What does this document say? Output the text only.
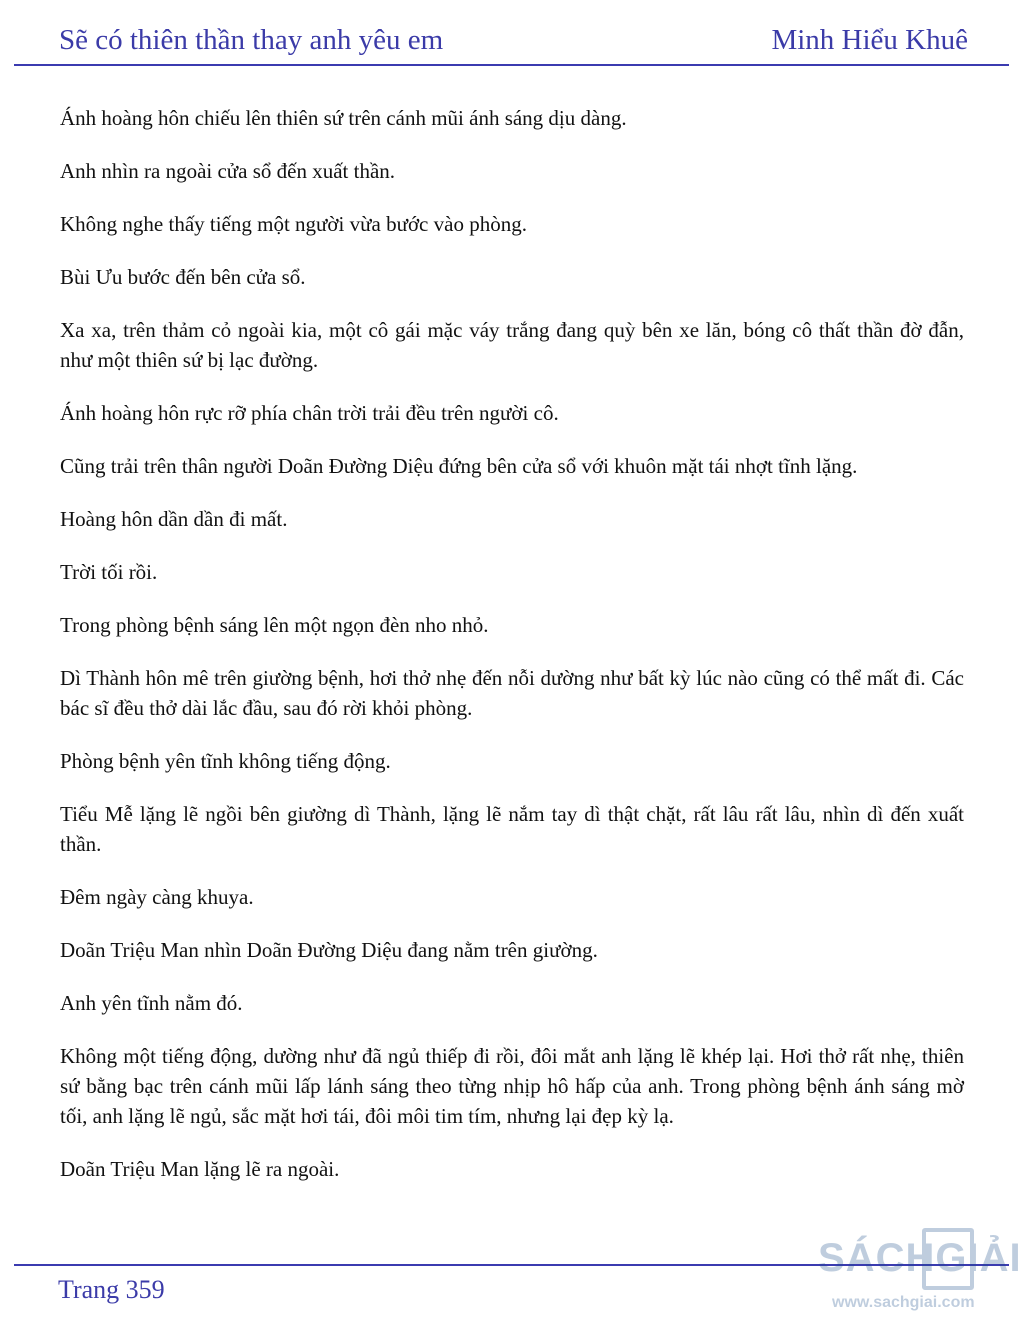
Sẽ có thiên thần thay anh yêu em	Minh Hiểu Khuê

Ánh hoàng hôn chiếu lên thiên sứ trên cánh mũi ánh sáng dịu dàng.

Anh nhìn ra ngoài cửa sổ đến xuất thần.

Không nghe thấy tiếng một người vừa bước vào phòng.

Bùi Ưu bước đến bên cửa sổ.

Xa xa, trên thảm cỏ ngoài kia, một cô gái mặc váy trắng đang quỳ bên xe lăn, bóng cô thất thần đờ đẫn, như một thiên sứ bị lạc đường.

Ánh hoàng hôn rực rỡ phía chân trời trải đều trên người cô.

Cũng trải trên thân người Doãn Đường Diệu đứng bên cửa sổ với khuôn mặt tái nhợt tĩnh lặng.

Hoàng hôn dần dần đi mất.

Trời tối rồi.

Trong phòng bệnh sáng lên một ngọn đèn nho nhỏ.

Dì Thành hôn mê trên giường bệnh, hơi thở nhẹ đến nỗi dường như bất kỳ lúc nào cũng có thể mất đi. Các bác sĩ đều thở dài lắc đầu, sau đó rời khỏi phòng.

Phòng bệnh yên tĩnh không tiếng động.

Tiểu Mễ lặng lẽ ngồi bên giường dì Thành, lặng lẽ nắm tay dì thật chặt, rất lâu rất lâu, nhìn dì đến xuất thần.

Đêm ngày càng khuya.

Doãn Triệu Man nhìn Doãn Đường Diệu đang nằm trên giường.

Anh yên tĩnh nằm đó.

Không một tiếng động, dường như đã ngủ thiếp đi rồi, đôi mắt anh lặng lẽ khép lại. Hơi thở rất nhẹ, thiên sứ bằng bạc trên cánh mũi lấp lánh sáng theo từng nhịp hô hấp của anh. Trong phòng bệnh ánh sáng mờ tối, anh lặng lẽ ngủ, sắc mặt hơi tái, đôi môi tim tím, nhưng lại đẹp kỳ lạ.

Doãn Triệu Man lặng lẽ ra ngoài.

Trang 359
SÁCHGIẢI
www.sachgiai.com
